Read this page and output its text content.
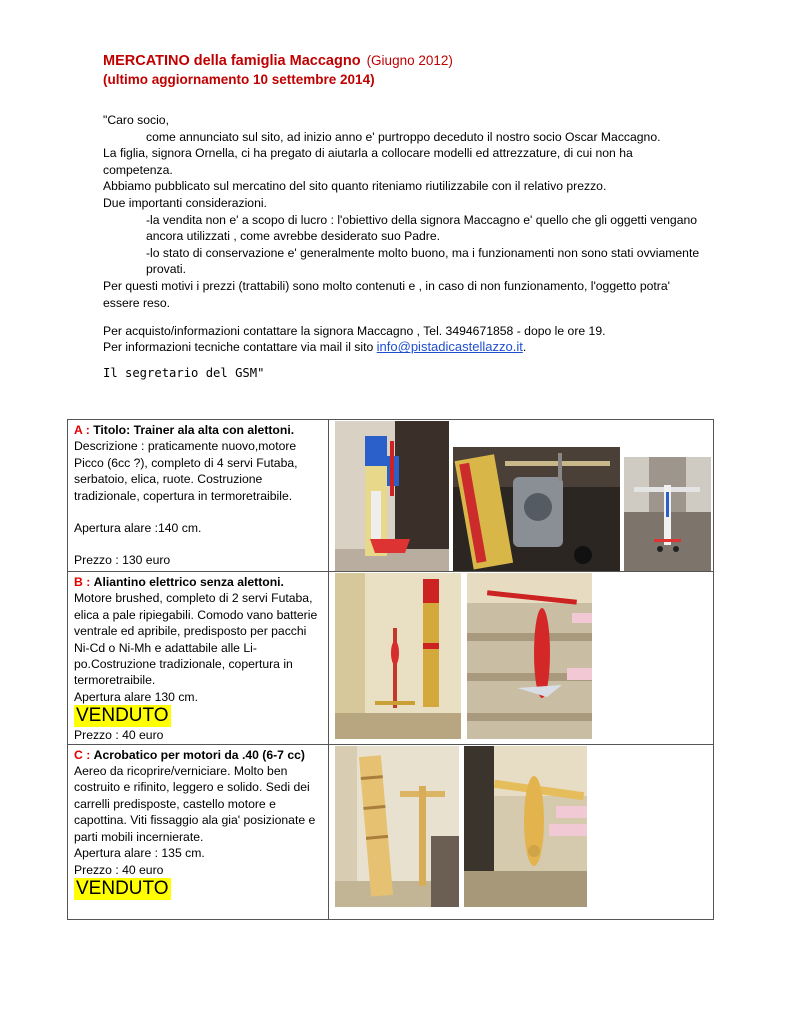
MERCATINO della famiglia Maccagno (Giugno 2012)
(ultimo aggiornamento 10 settembre 2014)

"Caro socio,

come annunciato sul sito, ad inizio anno e' purtroppo deceduto il nostro socio Oscar Maccagno.

La figlia, signora Ornella, ci ha pregato di aiutarla a collocare modelli ed attrezzature, di cui non ha competenza.

Abbiamo pubblicato sul mercatino del sito quanto riteniamo riutilizzabile con il relativo prezzo.

Due importanti considerazioni.

-la vendita non e' a scopo di lucro : l'obiettivo della signora Maccagno e' quello che gli oggetti vengano ancora utilizzati , come avrebbe desiderato suo Padre.

-lo stato di conservazione e' generalmente molto buono, ma i funzionamenti non sono stati ovviamente provati.

Per questi motivi i prezzi (trattabili) sono molto contenuti e , in caso di non funzionamento, l'oggetto potra' essere reso.

Per acquisto/informazioni contattare la signora Maccagno , Tel. 3494671858 - dopo le ore 19.
Per informazioni tecniche contattare via mail il sito info@pistadicastellazzo.it.
Il segretario del GSM"
A : Titolo: Trainer ala alta con alettoni.
Descrizione : praticamente nuovo,motore Picco (6cc ?), completo di 4 servi Futaba, serbatoio, elica, ruote. Costruzione tradizionale, copertura in termoretraibile.
Apertura alare :140 cm.
Prezzo : 130 euro

B : Aliantino elettrico senza alettoni.
Motore brushed, completo di 2 servi Futaba, elica a pale ripiegabili. Comodo vano batterie ventrale ed apribile, predisposto per pacchi Ni-Cd o Ni-Mh e adattabile alle Li-po.Costruzione tradizionale, copertura in termoretraibile.
Apertura alare 130 cm.
VENDUTO
Prezzo : 40 euro

C : Acrobatico per motori da .40 (6-7 cc)
Aereo da ricoprire/verniciare. Molto ben costruito e rifinito, leggero e solido. Sedi dei carrelli predisposte, castello motore e capottina. Viti fissaggio ala gia' posizionate e parti mobili incernierate.
Apertura alare : 135 cm.
Prezzo : 40 euro
VENDUTO
